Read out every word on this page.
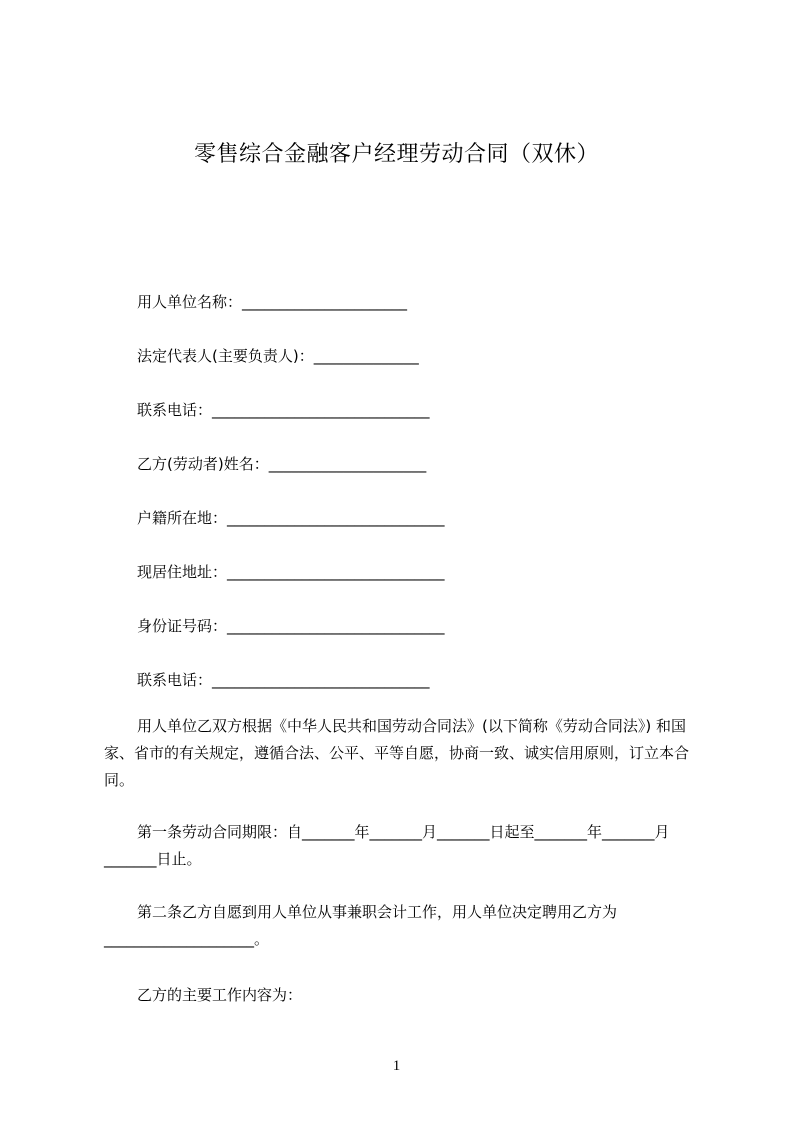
零售综合金融客户经理劳动合同（双休）
用人单位名称：______________________
法定代表人(主要负责人)：______________
联系电话：_____________________________
乙方(劳动者)姓名：_____________________
户籍所在地：_____________________________
现居住地址：_____________________________
身份证号码：_____________________________
联系电话：_____________________________
用人单位乙双方根据《中华人民共和国劳动合同法》(以下简称《劳动合同法》) 和国家、省市的有关规定，遵循合法、公平、平等自愿，协商一致、诚实信用原则，订立本合同。
第一条劳动合同期限：自_______年_______月_______日起至_______年_______月_______日止。
第二条乙方自愿到用人单位从事兼职会计工作，用人单位决定聘用乙方为____________________。
乙方的主要工作内容为：
1
